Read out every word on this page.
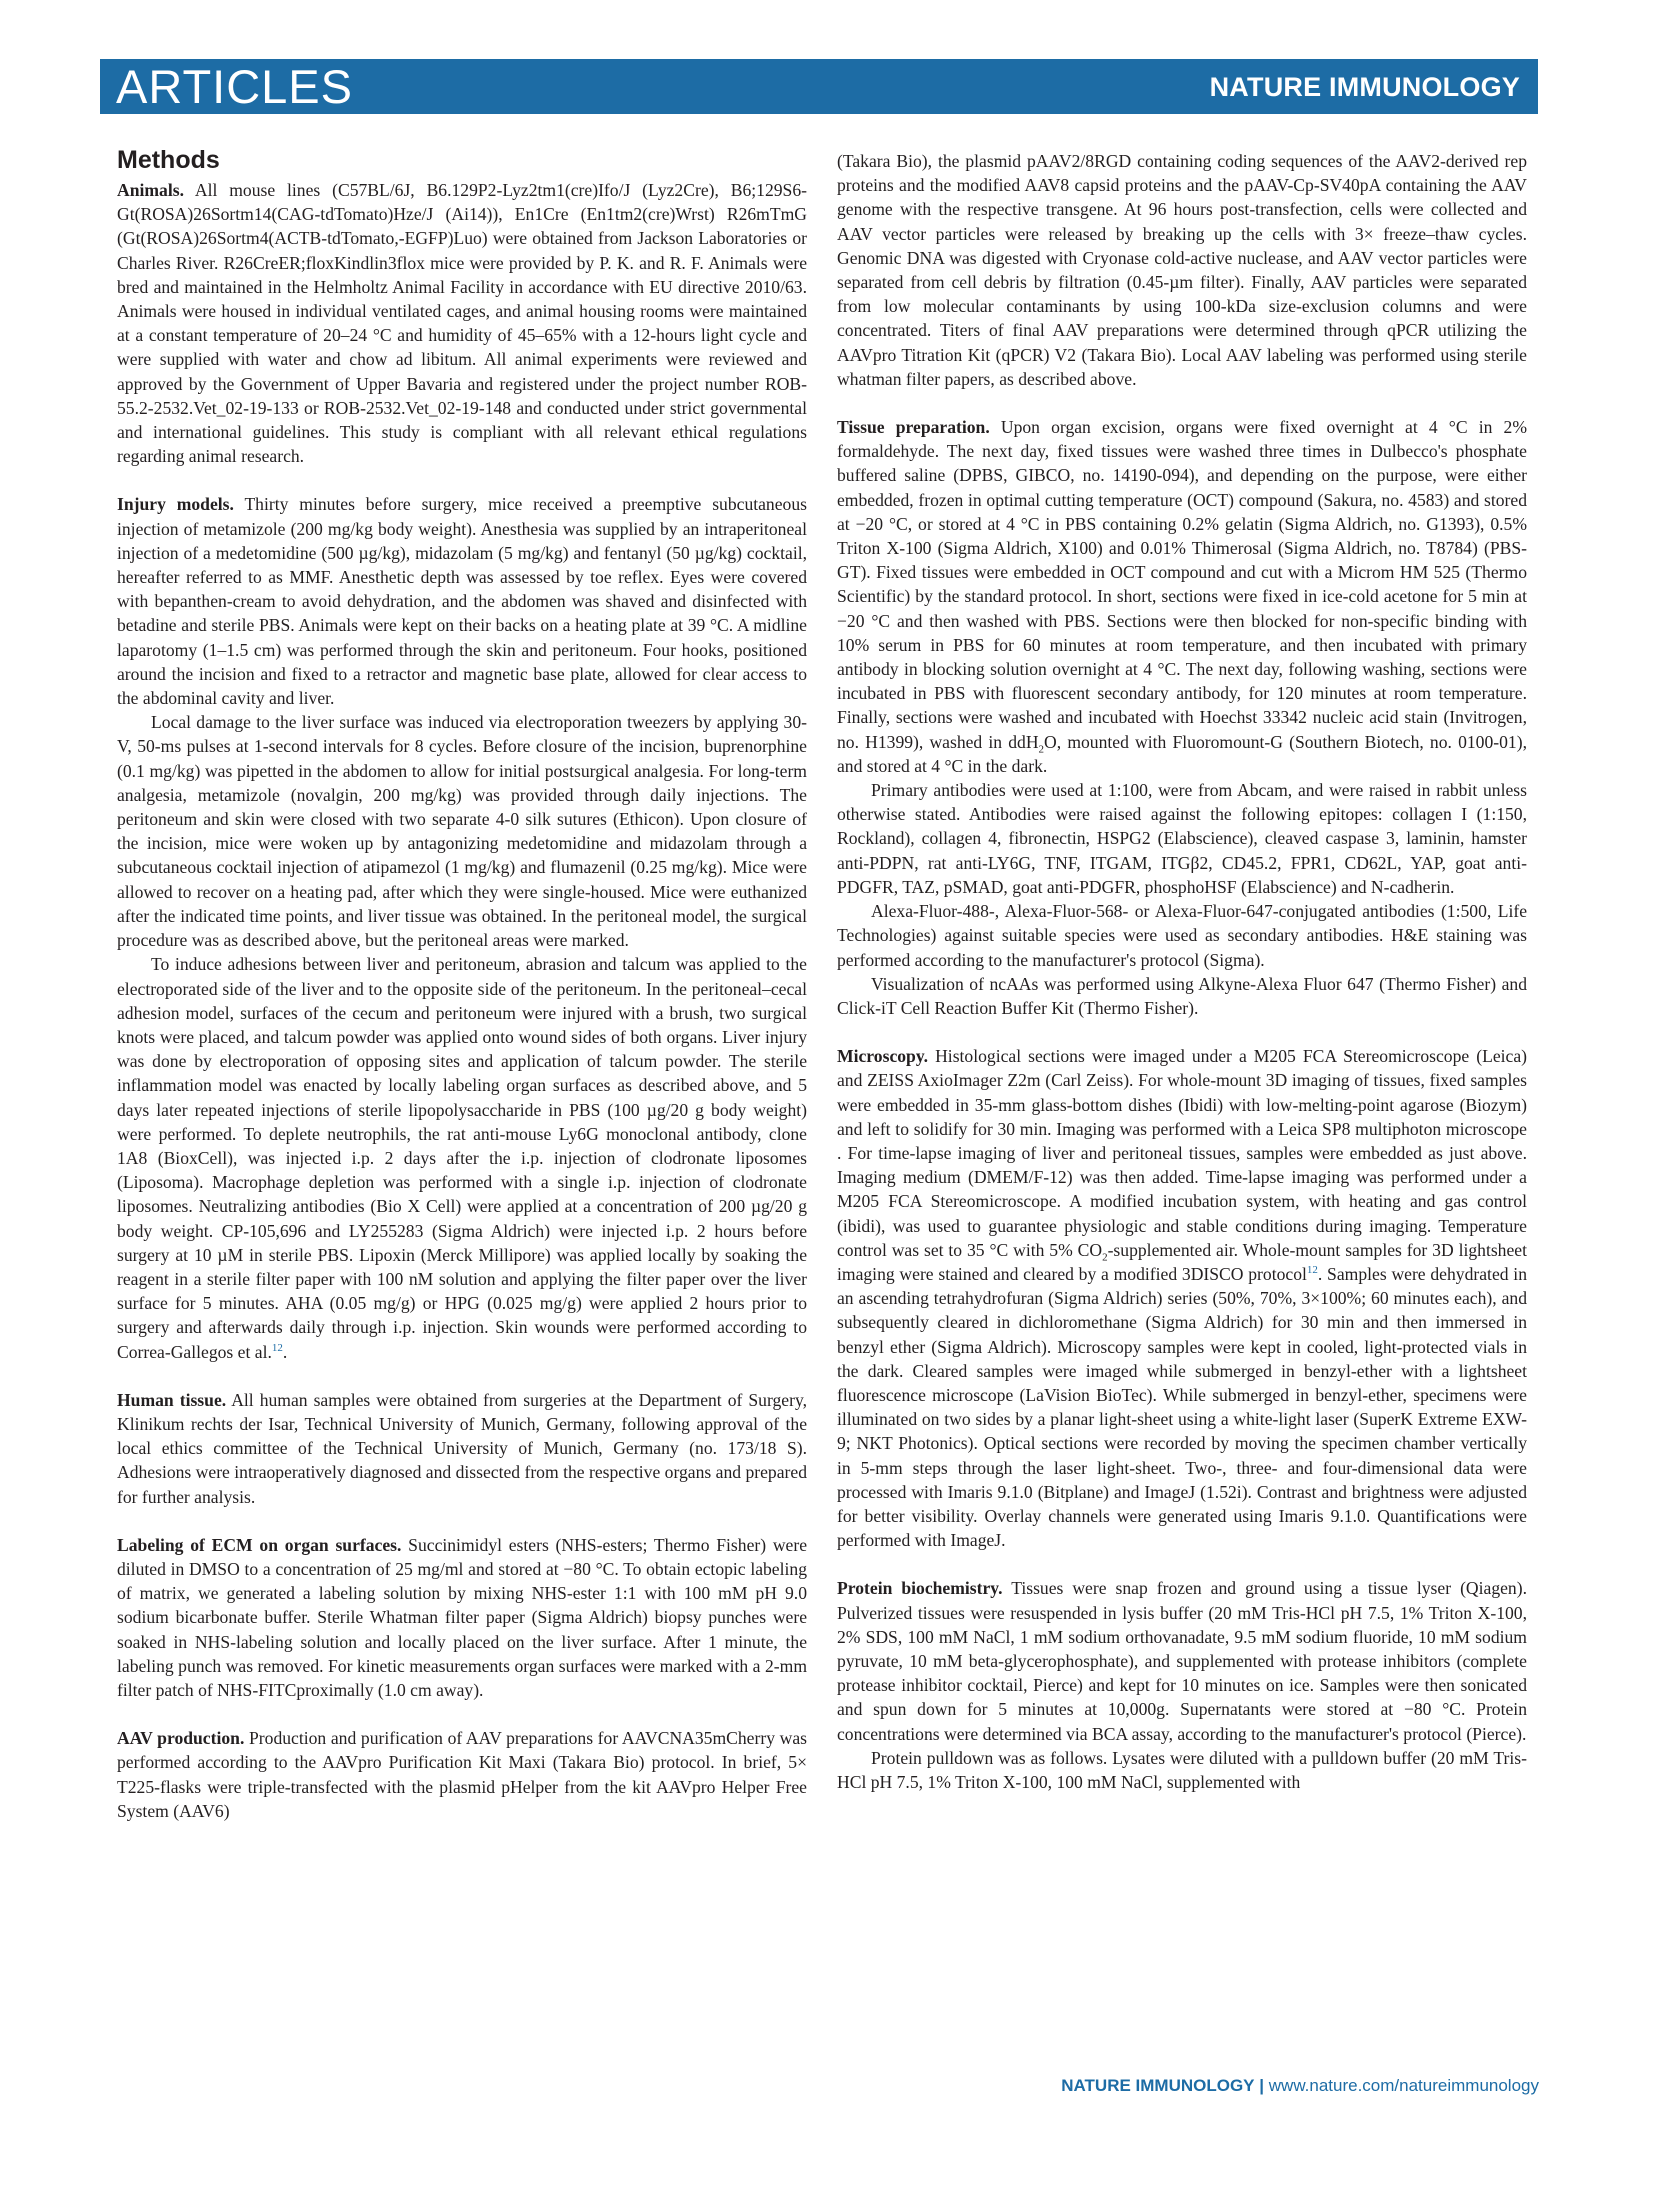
ARTICLES	NATURE IMMUNOLOGY
Methods

Animals. All mouse lines (C57BL/6J, B6.129P2-Lyz2tm1(cre)Ifo/J (Lyz2Cre), B6;129S6-Gt(ROSA)26Sortm14(CAG-tdTomato)Hze/J (Ai14)), En1Cre (En1tm2(cre)Wrst) R26mTmG (Gt(ROSA)26Sortm4(ACTB-tdTomato,-EGFP)Luo) were obtained from Jackson Laboratories or Charles River. R26CreER;floxKindlin3flox mice were provided by P. K. and R. F. Animals were bred and maintained in the Helmholtz Animal Facility in accordance with EU directive 2010/63. Animals were housed in individual ventilated cages, and animal housing rooms were maintained at a constant temperature of 20–24 °C and humidity of 45–65% with a 12-hours light cycle and were supplied with water and chow ad libitum. All animal experiments were reviewed and approved by the Government of Upper Bavaria and registered under the project number ROB-55.2-2532.Vet_02-19-133 or ROB-2532.Vet_02-19-148 and conducted under strict governmental and international guidelines. This study is compliant with all relevant ethical regulations regarding animal research.

Injury models. Thirty minutes before surgery, mice received a preemptive subcutaneous injection of metamizole (200 mg/kg body weight). Anesthesia was supplied by an intraperitoneal injection of a medetomidine (500 µg/kg), midazolam (5 mg/kg) and fentanyl (50 µg/kg) cocktail, hereafter referred to as MMF. Anesthetic depth was assessed by toe reflex. Eyes were covered with bepanthen-cream to avoid dehydration, and the abdomen was shaved and disinfected with betadine and sterile PBS. Animals were kept on their backs on a heating plate at 39 °C. A midline laparotomy (1–1.5 cm) was performed through the skin and peritoneum. Four hooks, positioned around the incision and fixed to a retractor and magnetic base plate, allowed for clear access to the abdominal cavity and liver.

Local damage to the liver surface was induced via electroporation tweezers by applying 30-V, 50-ms pulses at 1-second intervals for 8 cycles. Before closure of the incision, buprenorphine (0.1 mg/kg) was pipetted in the abdomen to allow for initial postsurgical analgesia. For long-term analgesia, metamizole (novalgin, 200 mg/kg) was provided through daily injections. The peritoneum and skin were closed with two separate 4-0 silk sutures (Ethicon). Upon closure of the incision, mice were woken up by antagonizing medetomidine and midazolam through a subcutaneous cocktail injection of atipamezol (1 mg/kg) and flumazenil (0.25 mg/kg). Mice were allowed to recover on a heating pad, after which they were single-housed. Mice were euthanized after the indicated time points, and liver tissue was obtained. In the peritoneal model, the surgical procedure was as described above, but the peritoneal areas were marked.

To induce adhesions between liver and peritoneum, abrasion and talcum was applied to the electroporated side of the liver and to the opposite side of the peritoneum. In the peritoneal–cecal adhesion model, surfaces of the cecum and peritoneum were injured with a brush, two surgical knots were placed, and talcum powder was applied onto wound sides of both organs. Liver injury was done by electroporation of opposing sites and application of talcum powder. The sterile inflammation model was enacted by locally labeling organ surfaces as described above, and 5 days later repeated injections of sterile lipopolysaccharide in PBS (100 µg/20 g body weight) were performed. To deplete neutrophils, the rat anti-mouse Ly6G monoclonal antibody, clone 1A8 (BioxCell), was injected i.p. 2 days after the i.p. injection of clodronate liposomes (Liposoma). Macrophage depletion was performed with a single i.p. injection of clodronate liposomes. Neutralizing antibodies (Bio X Cell) were applied at a concentration of 200 µg/20 g body weight. CP-105,696 and LY255283 (Sigma Aldrich) were injected i.p. 2 hours before surgery at 10 µM in sterile PBS. Lipoxin (Merck Millipore) was applied locally by soaking the reagent in a sterile filter paper with 100 nM solution and applying the filter paper over the liver surface for 5 minutes. AHA (0.05 mg/g) or HPG (0.025 mg/g) were applied 2 hours prior to surgery and afterwards daily through i.p. injection. Skin wounds were performed according to Correa-Gallegos et al.$^{12}$.

Human tissue. All human samples were obtained from surgeries at the Department of Surgery, Klinikum rechts der Isar, Technical University of Munich, Germany, following approval of the local ethics committee of the Technical University of Munich, Germany (no. 173/18 S). Adhesions were intraoperatively diagnosed and dissected from the respective organs and prepared for further analysis.

Labeling of ECM on organ surfaces. Succinimidyl esters (NHS-esters; Thermo Fisher) were diluted in DMSO to a concentration of 25 mg/ml and stored at −80 °C. To obtain ectopic labeling of matrix, we generated a labeling solution by mixing NHS-ester 1:1 with 100 mM pH 9.0 sodium bicarbonate buffer. Sterile Whatman filter paper (Sigma Aldrich) biopsy punches were soaked in NHS-labeling solution and locally placed on the liver surface. After 1 minute, the labeling punch was removed. For kinetic measurements organ surfaces were marked with a 2-mm filter patch of NHS-FITCproximally (1.0 cm away).

AAV production. Production and purification of AAV preparations for AAVCNA35mCherry was performed according to the AAVpro Purification Kit Maxi (Takara Bio) protocol. In brief, 5× T225-flasks were triple-transfected with the plasmid pHelper from the kit AAVpro Helper Free System (AAV6)

(Takara Bio), the plasmid pAAV2/8RGD containing coding sequences of the AAV2-derived rep proteins and the modified AAV8 capsid proteins and the pAAV-Cp-SV40pA containing the AAV genome with the respective transgene. At 96 hours post-transfection, cells were collected and AAV vector particles were released by breaking up the cells with 3× freeze–thaw cycles. Genomic DNA was digested with Cryonase cold-active nuclease, and AAV vector particles were separated from cell debris by filtration (0.45-µm filter). Finally, AAV particles were separated from low molecular contaminants by using 100-kDa size-exclusion columns and were concentrated. Titers of final AAV preparations were determined through qPCR utilizing the AAVpro Titration Kit (qPCR) V2 (Takara Bio). Local AAV labeling was performed using sterile whatman filter papers, as described above.

Tissue preparation. Upon organ excision, organs were fixed overnight at 4 °C in 2% formaldehyde. The next day, fixed tissues were washed three times in Dulbecco's phosphate buffered saline (DPBS, GIBCO, no. 14190-094), and depending on the purpose, were either embedded, frozen in optimal cutting temperature (OCT) compound (Sakura, no. 4583) and stored at −20 °C, or stored at 4 °C in PBS containing 0.2% gelatin (Sigma Aldrich, no. G1393), 0.5% Triton X-100 (Sigma Aldrich, X100) and 0.01% Thimerosal (Sigma Aldrich, no. T8784) (PBS-GT). Fixed tissues were embedded in OCT compound and cut with a Microm HM 525 (Thermo Scientific) by the standard protocol. In short, sections were fixed in ice-cold acetone for 5 min at −20 °C and then washed with PBS. Sections were then blocked for non-specific binding with 10% serum in PBS for 60 minutes at room temperature, and then incubated with primary antibody in blocking solution overnight at 4 °C. The next day, following washing, sections were incubated in PBS with fluorescent secondary antibody, for 120 minutes at room temperature. Finally, sections were washed and incubated with Hoechst 33342 nucleic acid stain (Invitrogen, no. H1399), washed in ddH$_2$O, mounted with Fluoromount-G (Southern Biotech, no. 0100-01), and stored at 4 °C in the dark.

Primary antibodies were used at 1:100, were from Abcam, and were raised in rabbit unless otherwise stated. Antibodies were raised against the following epitopes: collagen I (1:150, Rockland), collagen 4, fibronectin, HSPG2 (Elabscience), cleaved caspase 3, laminin, hamster anti-PDPN, rat anti-LY6G, TNF, ITGAM, ITGβ2, CD45.2, FPR1, CD62L, YAP, goat anti-PDGFR, TAZ, pSMAD, goat anti-PDGFR, phosphoHSF (Elabscience) and N-cadherin.

Alexa-Fluor-488-, Alexa-Fluor-568- or Alexa-Fluor-647-conjugated antibodies (1:500, Life Technologies) against suitable species were used as secondary antibodies. H&E staining was performed according to the manufacturer's protocol (Sigma).

Visualization of ncAAs was performed using Alkyne-Alexa Fluor 647 (Thermo Fisher) and Click-iT Cell Reaction Buffer Kit (Thermo Fisher).

Microscopy. Histological sections were imaged under a M205 FCA Stereomicroscope (Leica) and ZEISS AxioImager Z2m (Carl Zeiss). For whole-mount 3D imaging of tissues, fixed samples were embedded in 35-mm glass-bottom dishes (Ibidi) with low-melting-point agarose (Biozym) and left to solidify for 30 min. Imaging was performed with a Leica SP8 multiphoton microscope . For time-lapse imaging of liver and peritoneal tissues, samples were embedded as just above. Imaging medium (DMEM/F-12) was then added. Time-lapse imaging was performed under a M205 FCA Stereomicroscope. A modified incubation system, with heating and gas control (ibidi), was used to guarantee physiologic and stable conditions during imaging. Temperature control was set to 35 °C with 5% $CO_2$-supplemented air. Whole-mount samples for 3D lightsheet imaging were stained and cleared by a modified 3DISCO protocol$^{12}$. Samples were dehydrated in an ascending tetrahydrofuran (Sigma Aldrich) series (50%, 70%, 3×100%; 60 minutes each), and subsequently cleared in dichloromethane (Sigma Aldrich) for 30 min and then immersed in benzyl ether (Sigma Aldrich). Microscopy samples were kept in cooled, light-protected vials in the dark. Cleared samples were imaged while submerged in benzyl-ether with a lightsheet fluorescence microscope (LaVision BioTec). While submerged in benzyl-ether, specimens were illuminated on two sides by a planar light-sheet using a white-light laser (SuperK Extreme EXW-9; NKT Photonics). Optical sections were recorded by moving the specimen chamber vertically in 5-mm steps through the laser light-sheet. Two-, three- and four-dimensional data were processed with Imaris 9.1.0 (Bitplane) and ImageJ (1.52i). Contrast and brightness were adjusted for better visibility. Overlay channels were generated using Imaris 9.1.0. Quantifications were performed with ImageJ.

Protein biochemistry. Tissues were snap frozen and ground using a tissue lyser (Qiagen). Pulverized tissues were resuspended in lysis buffer (20 mM Tris-HCl pH 7.5, 1% Triton X-100, 2% SDS, 100 mM NaCl, 1 mM sodium orthovanadate, 9.5 mM sodium fluoride, 10 mM sodium pyruvate, 10 mM beta-glycerophosphate), and supplemented with protease inhibitors (complete protease inhibitor cocktail, Pierce) and kept for 10 minutes on ice. Samples were then sonicated and spun down for 5 minutes at 10,000g. Supernatants were stored at −80 °C. Protein concentrations were determined via BCA assay, according to the manufacturer's protocol (Pierce).

Protein pulldown was as follows. Lysates were diluted with a pulldown buffer (20 mM Tris-HCl pH 7.5, 1% Triton X-100, 100 mM NaCl, supplemented with

NATURE IMMUNOLOGY | www.nature.com/natureimmunology
